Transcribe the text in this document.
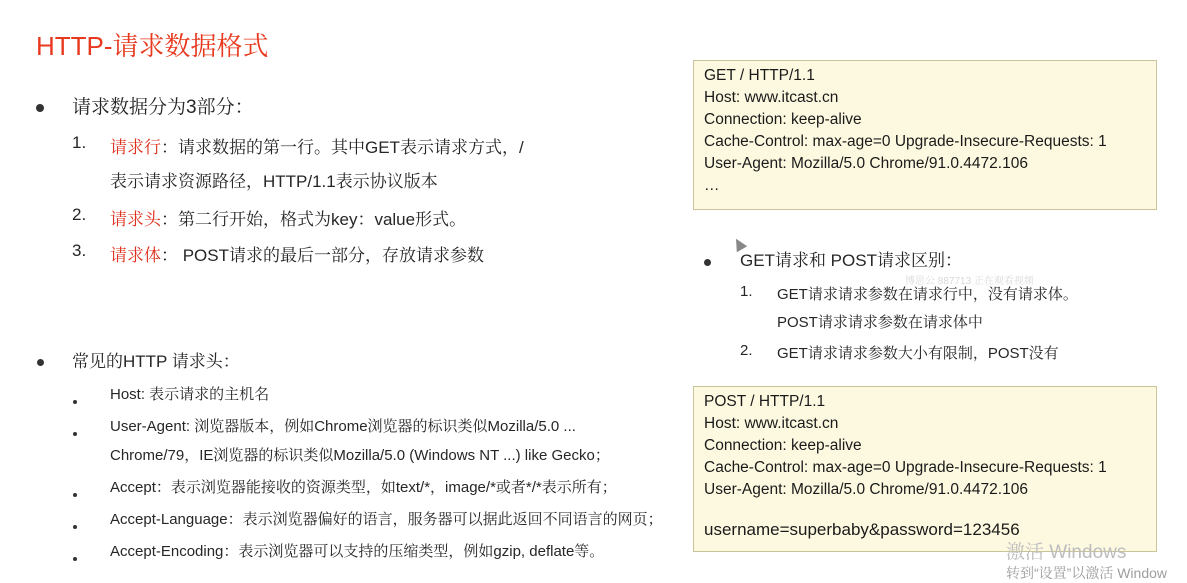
HTTP-请求数据格式
请求数据分为3部分：
1. 请求行：请求数据的第一行。其中GET表示请求方式，/
表示请求资源路径，HTTP/1.1表示协议版本
2. 请求头：第二行开始，格式为key：value形式。
3. 请求体： POST请求的最后一部分，存放请求参数
常见的HTTP 请求头：
Host: 表示请求的主机名
User-Agent: 浏览器版本，例如Chrome浏览器的标识类似Mozilla/5.0 ...
Chrome/79，IE浏览器的标识类似Mozilla/5.0 (Windows NT ...) like Gecko；
Accept：表示浏览器能接收的资源类型，如text/*，image/*或者*/*表示所有；
Accept-Language：表示浏览器偏好的语言，服务器可以据此返回不同语言的网页；
Accept-Encoding：表示浏览器可以支持的压缩类型，例如gzip, deflate等。
GET / HTTP/1.1
Host: www.itcast.cn
Connection: keep-alive
Cache-Control: max-age=0 Upgrade-Insecure-Requests: 1
User-Agent: Mozilla/5.0 Chrome/91.0.4472.106
…
GET请求和 POST请求区别：
博思公 887713 正在观看视频
1. GET请求请求参数在请求行中，没有请求体。
POST请求请求参数在请求体中
2. GET请求请求参数大小有限制，POST没有
POST / HTTP/1.1
Host: www.itcast.cn
Connection: keep-alive
Cache-Control: max-age=0 Upgrade-Insecure-Requests: 1
User-Agent: Mozilla/5.0 Chrome/91.0.4472.106
username=superbaby&password=123456
激活 Windows
转到“设置”以激活 Window
